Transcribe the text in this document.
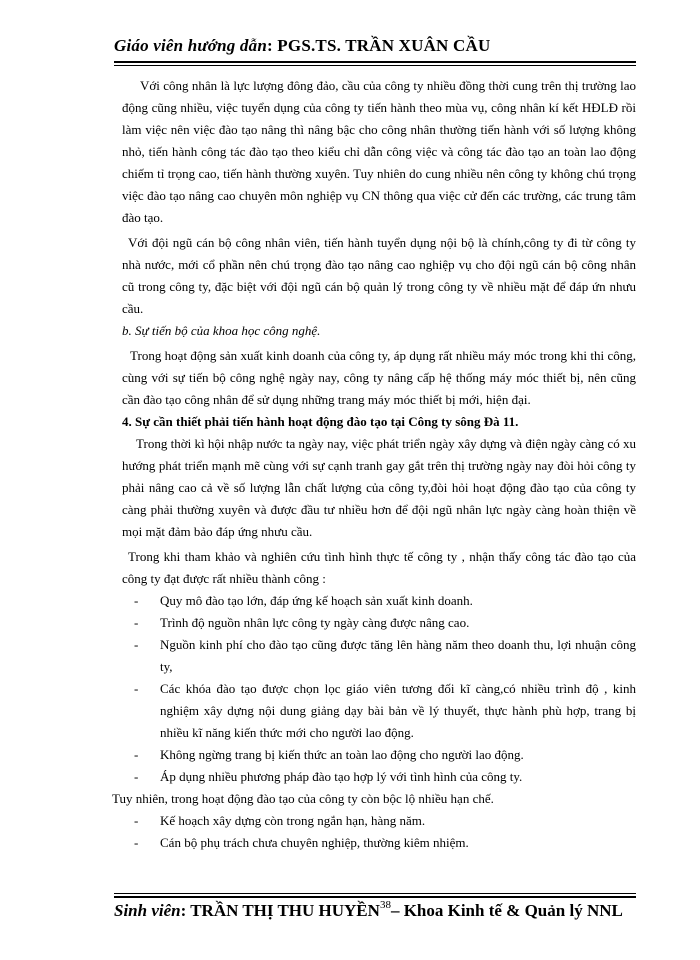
Giáo viên hướng dẫn: PGS.TS. TRẦN XUÂN CẦU

Với công nhân là lực lượng đông đảo, cầu của công ty nhiều đồng thời cung trên thị trường lao động cũng nhiều, việc tuyển dụng của công ty tiến hành theo mùa vụ, công nhân kí kết HĐLĐ rồi làm việc nên việc đào tạo nâng thì nâng bậc cho công nhân thường tiến hành với số lượng không nhỏ, tiến hành công tác đào tạo theo kiểu chỉ dẫn công việc và công tác đào tạo an toàn lao động chiếm tỉ trọng cao, tiến hành thường xuyên. Tuy nhiên do cung nhiều nên công ty không chú trọng việc đào tạo nâng cao chuyên môn nghiệp vụ CN thông qua việc cử đến các trường, các trung tâm đào tạo.

Với đội ngũ cán bộ công nhân viên, tiến hành tuyển dụng nội bộ là chính,công ty đi từ công ty nhà nước, mới cổ phần nên chú trọng đào tạo nâng cao nghiệp vụ cho đội ngũ cán bộ công nhân cũ trong công ty, đặc biệt với đội ngũ cán bộ quản lý trong công ty về nhiều mặt để đáp ứn nhưu cầu.

b. Sự tiến bộ của khoa học công nghệ.

Trong hoạt động sản xuất kinh doanh của công ty, áp dụng rất nhiều máy móc trong khi thi công, cùng với sự tiến bộ công nghệ ngày nay, công ty nâng cấp hệ thống máy móc thiết bị, nên cũng cần đào tạo công nhân để sử dụng những trang máy móc thiết bị mới, hiện đại.

4. Sự cần thiết phải tiến hành hoạt động đào tạo tại Công ty sông Đà 11.

Trong thời kì hội nhập nước ta ngày nay, việc phát triển ngày xây dựng và điện ngày càng có xu hướng phát triển mạnh mẽ cùng với sự cạnh tranh gay gắt trên thị trường ngày nay đòi hỏi công ty phải nâng cao cả về số lượng lẫn chất lượng của công ty,đòi hỏi hoạt động đào tạo của công ty càng phải thường xuyên và được đầu tư nhiều hơn để đội ngũ nhân lực ngày càng hoàn thiện về mọi mặt đảm bảo đáp ứng nhưu cầu.

Trong khi tham khảo và nghiên cứu tình hình thực tế công ty , nhận thấy công tác đào tạo của công ty đạt được rất nhiều thành công :

- Quy mô đào tạo lớn, đáp ứng kế hoạch sản xuất kinh doanh.
- Trình độ nguồn nhân lực công ty ngày càng được nâng cao.
- Nguồn kinh phí cho đào tạo cũng được tăng lên hàng năm theo doanh thu, lợi nhuận công ty,
- Các khóa đào tạo được chọn lọc giáo viên tương đối kĩ càng,có nhiều trình độ , kinh nghiệm xây dựng nội dung giảng dạy bài bản về lý thuyết, thực hành phù hợp, trang bị nhiều kĩ năng kiến thức mới cho người lao động.
- Không ngừng trang bị kiến thức an toàn lao động cho người lao động.
- Áp dụng nhiều phương pháp đào tạo hợp lý với tình hình của công ty.

Tuy nhiên, trong hoạt động đào tạo của công ty còn bộc lộ nhiều hạn chế.

- Kế hoạch xây dựng còn trong ngắn hạn, hàng năm.
- Cán bộ phụ trách chưa chuyên nghiệp, thường kiêm nhiệm.
Sinh viên: TRẦN THỊ THU HUYỀN$^{38}$– Khoa Kinh tế & Quản lý NNL
